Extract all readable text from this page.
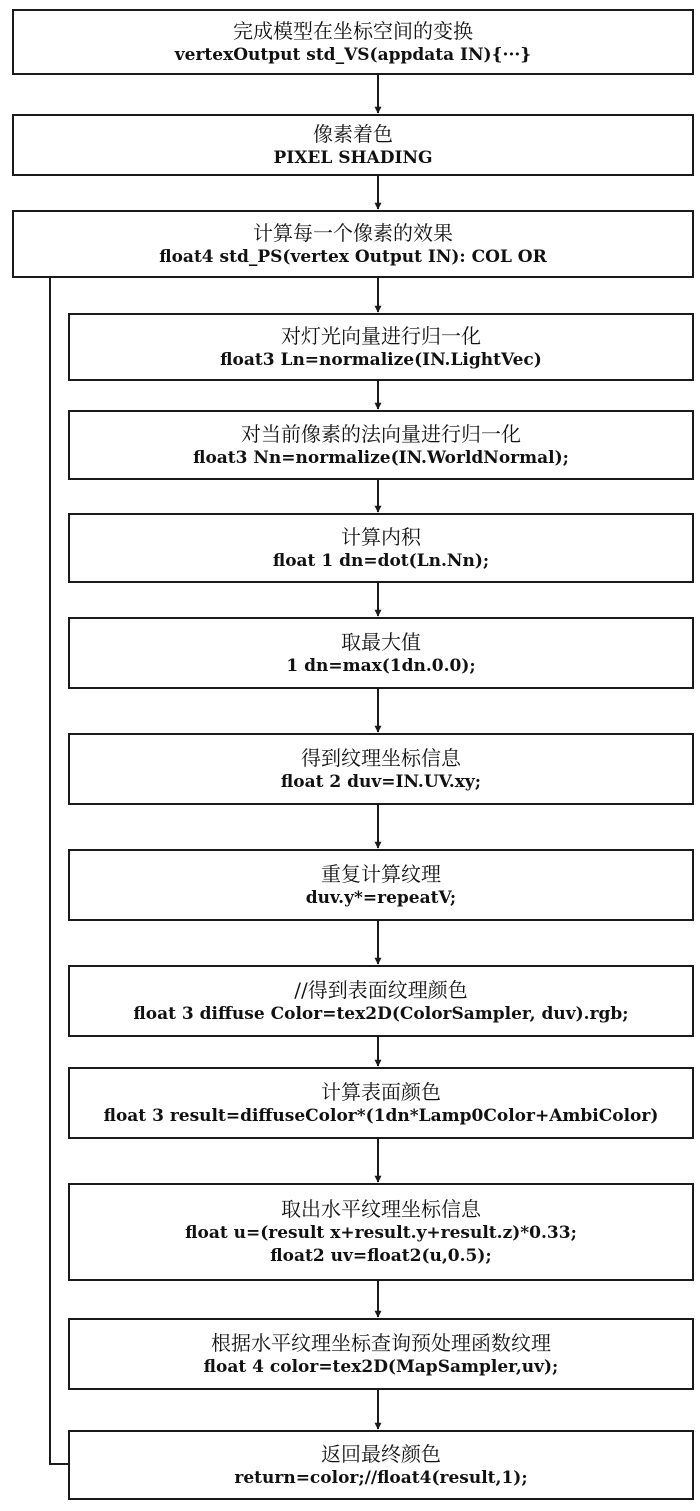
完成模型在坐标空间的变换
vertexOutput std_VS(appdata IN){···}
像素着色
PIXEL SHADING
计算每一个像素的效果
float4 std_PS(vertex Output IN): COL OR
对灯光向量进行归一化
float3 Ln=normalize(IN.LightVec)
对当前像素的法向量进行归一化
float3 Nn=normalize(IN.WorldNormal);
计算内积
float 1 dn=dot(Ln.Nn);
取最大值
1 dn=max(1dn.0.0);
得到纹理坐标信息
float 2 duv=IN.UV.xy;
重复计算纹理
duv.y*=repeatV;
//得到表面纹理颜色
float 3 diffuse Color=tex2D(ColorSampler, duv).rgb;
计算表面颜色
float 3 result=diffuseColor*(1dn*Lamp0Color+AmbiColor)
取出水平纹理坐标信息
float u=(result x+result.y+result.z)*0.33;
float2 uv=float2(u,0.5);
根据水平纹理坐标查询预处理函数纹理
float 4 color=tex2D(MapSampler,uv);
返回最终颜色
return=color;//float4(result,1);
